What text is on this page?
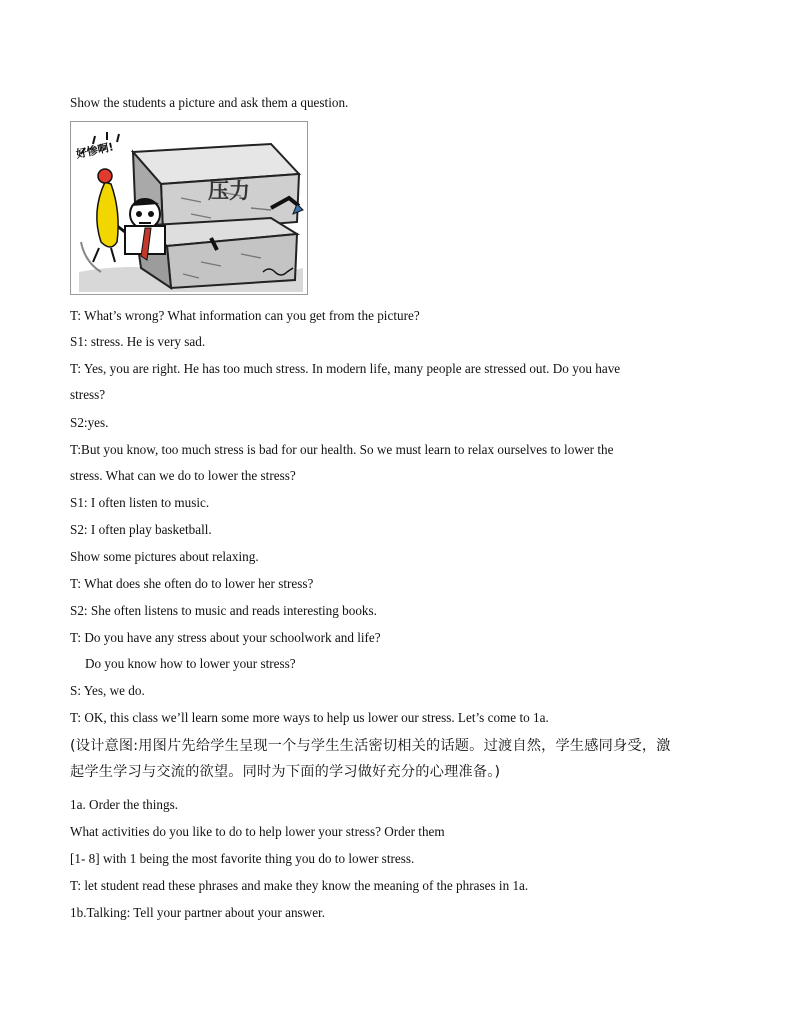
Show the students a picture and ask them a question.
压力
好惨啊!
T: What’s wrong? What information can you get from the picture?
S1: stress. He is very sad.
T: Yes, you are right. He has too much stress. In modern life, many people are stressed out. Do you have
stress?
S2:yes.
T:But you know, too much stress is bad for our health. So we must learn to relax ourselves to lower the
stress. What can we do to lower the stress?
S1: I often listen to music.
S2: I often play basketball.
Show some pictures about relaxing.
T: What does she often do to lower her stress?
S2: She often listens to music and reads interesting books.
T: Do you have any stress about your schoolwork and life?
Do you know how to lower your stress?
S: Yes, we do.
T: OK, this class we’ll learn some more ways to help us lower our stress. Let’s come to 1a.
(设计意图:用图片先给学生呈现一个与学生生活密切相关的话题。过渡自然，学生感同身受，激
起学生学习与交流的欲望。同时为下面的学习做好充分的心理准备。)
1a. Order the things.
What activities do you like to do to help lower your stress? Order them
[1- 8] with 1 being the most favorite thing you do to lower stress.
T: let student read these phrases and make they know the meaning of the phrases in 1a.
1b.Talking: Tell your partner about your answer.
